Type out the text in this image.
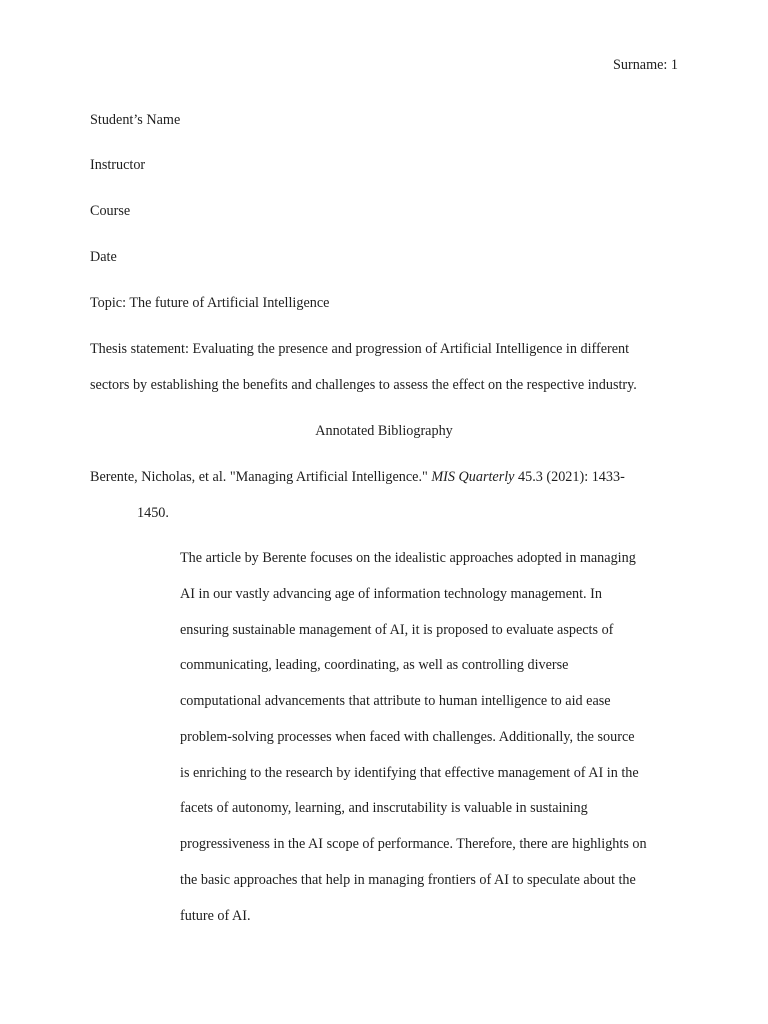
Surname: 1
Student’s Name
Instructor
Course
Date
Topic: The future of Artificial Intelligence
Thesis statement: Evaluating the presence and progression of Artificial Intelligence in different
sectors by establishing the benefits and challenges to assess the effect on the respective industry.
Annotated Bibliography
Berente, Nicholas, et al. "Managing Artificial Intelligence." MIS Quarterly 45.3 (2021): 1433-
1450.
The article by Berente focuses on the idealistic approaches adopted in managing
AI in our vastly advancing age of information technology management. In
ensuring sustainable management of AI, it is proposed to evaluate aspects of
communicating, leading, coordinating, as well as controlling diverse
computational advancements that attribute to human intelligence to aid ease
problem-solving processes when faced with challenges. Additionally, the source
is enriching to the research by identifying that effective management of AI in the
facets of autonomy, learning, and inscrutability is valuable in sustaining
progressiveness in the AI scope of performance. Therefore, there are highlights on
the basic approaches that help in managing frontiers of AI to speculate about the
future of AI.
